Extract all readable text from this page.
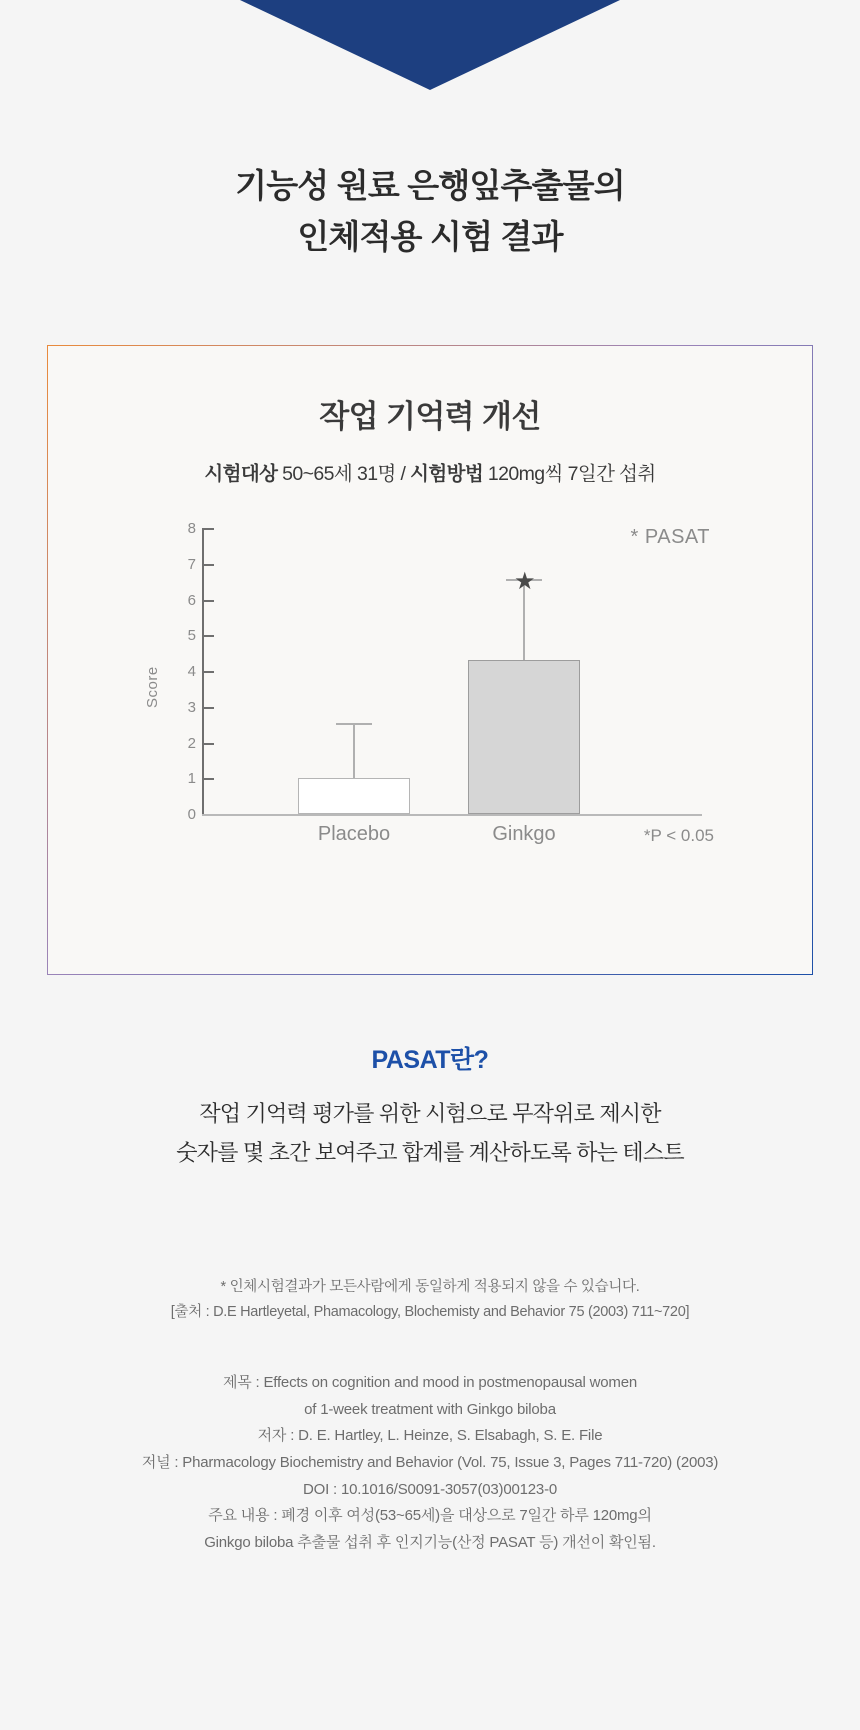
기능성 원료 은행잎추출물의
인체적용 시험 결과
작업 기억력 개선
시험대상 50~65세 31명 / 시험방법 120mg씩 7일간 섭취
Score
8
7
6
5
4
3
2
1
0
★
Placebo	Ginkgo
* PASAT
*P < 0.05
PASAT란?
작업 기억력 평가를 위한 시험으로 무작위로 제시한
숫자를 몇 초간 보여주고 합계를 계산하도록 하는 테스트
* 인체시험결과가 모든사람에게 동일하게 적용되지 않을 수 있습니다.
[출처 : D.E Hartleyetal, Phamacology, Blochemisty and Behavior 75 (2003) 711~720]
제목 : Effects on cognition and mood in postmenopausal women
of 1-week treatment with Ginkgo biloba
저자 : D. E. Hartley, L. Heinze, S. Elsabagh, S. E. File
저널 : Pharmacology Biochemistry and Behavior (Vol. 75, Issue 3, Pages 711-720) (2003)
DOI : 10.1016/S0091-3057(03)00123-0
주요 내용 : 폐경 이후 여성(53~65세)을 대상으로 7일간 하루 120mg의
Ginkgo biloba 추출물 섭취 후 인지기능(산정 PASAT 등) 개선이 확인됨.
